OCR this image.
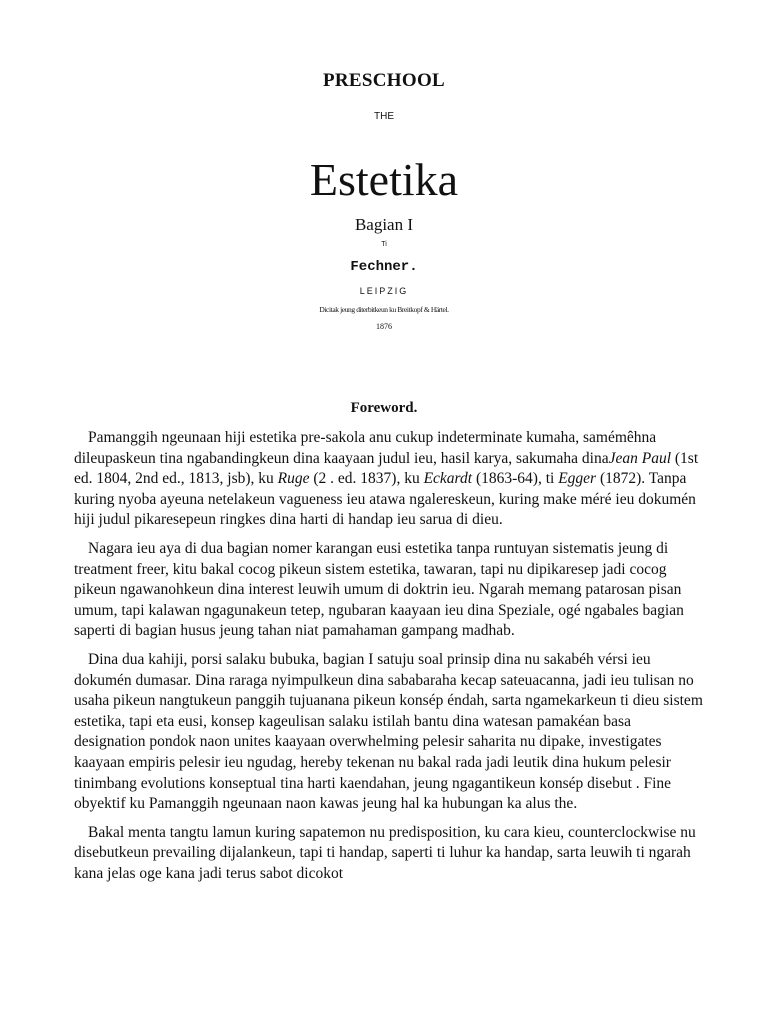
PRESCHOOL
THE
Estetika
Bagian I
Ti
Fechner.
LEIPZIG
Dicitak jeung diterbitkeun ku Breitkopf & Härtel.
1876
Foreword.

Pamanggih ngeunaan hiji estetika pre-sakola anu cukup indeterminate kumaha, samémêhna dileupaskeun tina ngabandingkeun dina kaayaan judul ieu, hasil karya, sakumaha dinaJean Paul (1st ed. 1804, 2nd ed., 1813, jsb), ku Ruge (2 . ed. 1837), ku Eckardt (1863-64), ti Egger (1872). Tanpa kuring nyoba ayeuna netelakeun vagueness ieu atawa ngalereskeun, kuring make méré ieu dokumén hiji judul pikaresepeun ringkes dina harti di handap ieu sarua di dieu.

Nagara ieu aya di dua bagian nomer karangan eusi estetika tanpa runtuyan sistematis jeung di treatment freer, kitu bakal cocog pikeun sistem estetika, tawaran, tapi nu dipikaresep jadi cocog pikeun ngawanohkeun dina interest leuwih umum di doktrin ieu. Ngarah memang patarosan pisan umum, tapi kalawan ngagunakeun tetep, ngubaran kaayaan ieu dina Speziale, ogé ngabales bagian saperti di bagian husus jeung tahan niat pamahaman gampang madhab.

Dina dua kahiji, porsi salaku bubuka, bagian I satuju soal prinsip dina nu sakabéh vérsi ieu dokumén dumasar. Dina raraga nyimpulkeun dina sababaraha kecap sateuacanna, jadi ieu tulisan no usaha pikeun nangtukeun panggih tujuanana pikeun konsép éndah, sarta ngamekarkeun ti dieu sistem estetika, tapi eta eusi, konsep kageulisan salaku istilah bantu dina watesan pamakéan basa designation pondok naon unites kaayaan overwhelming pelesir saharita nu dipake, investigates kaayaan empiris pelesir ieu ngudag, hereby tekenan nu bakal rada jadi leutik dina hukum pelesir tinimbang evolutions konseptual tina harti kaendahan, jeung ngagantikeun konsép disebut . Fine obyektif ku Pamanggih ngeunaan naon kawas jeung hal ka hubungan ka alus the.

Bakal menta tangtu lamun kuring sapatemon nu predisposition, ku cara kieu, counterclockwise nu disebutkeun prevailing dijalankeun, tapi ti handap, saperti ti luhur ka handap, sarta leuwih ti ngarah kana jelas oge kana jadi terus sabot dicokot
